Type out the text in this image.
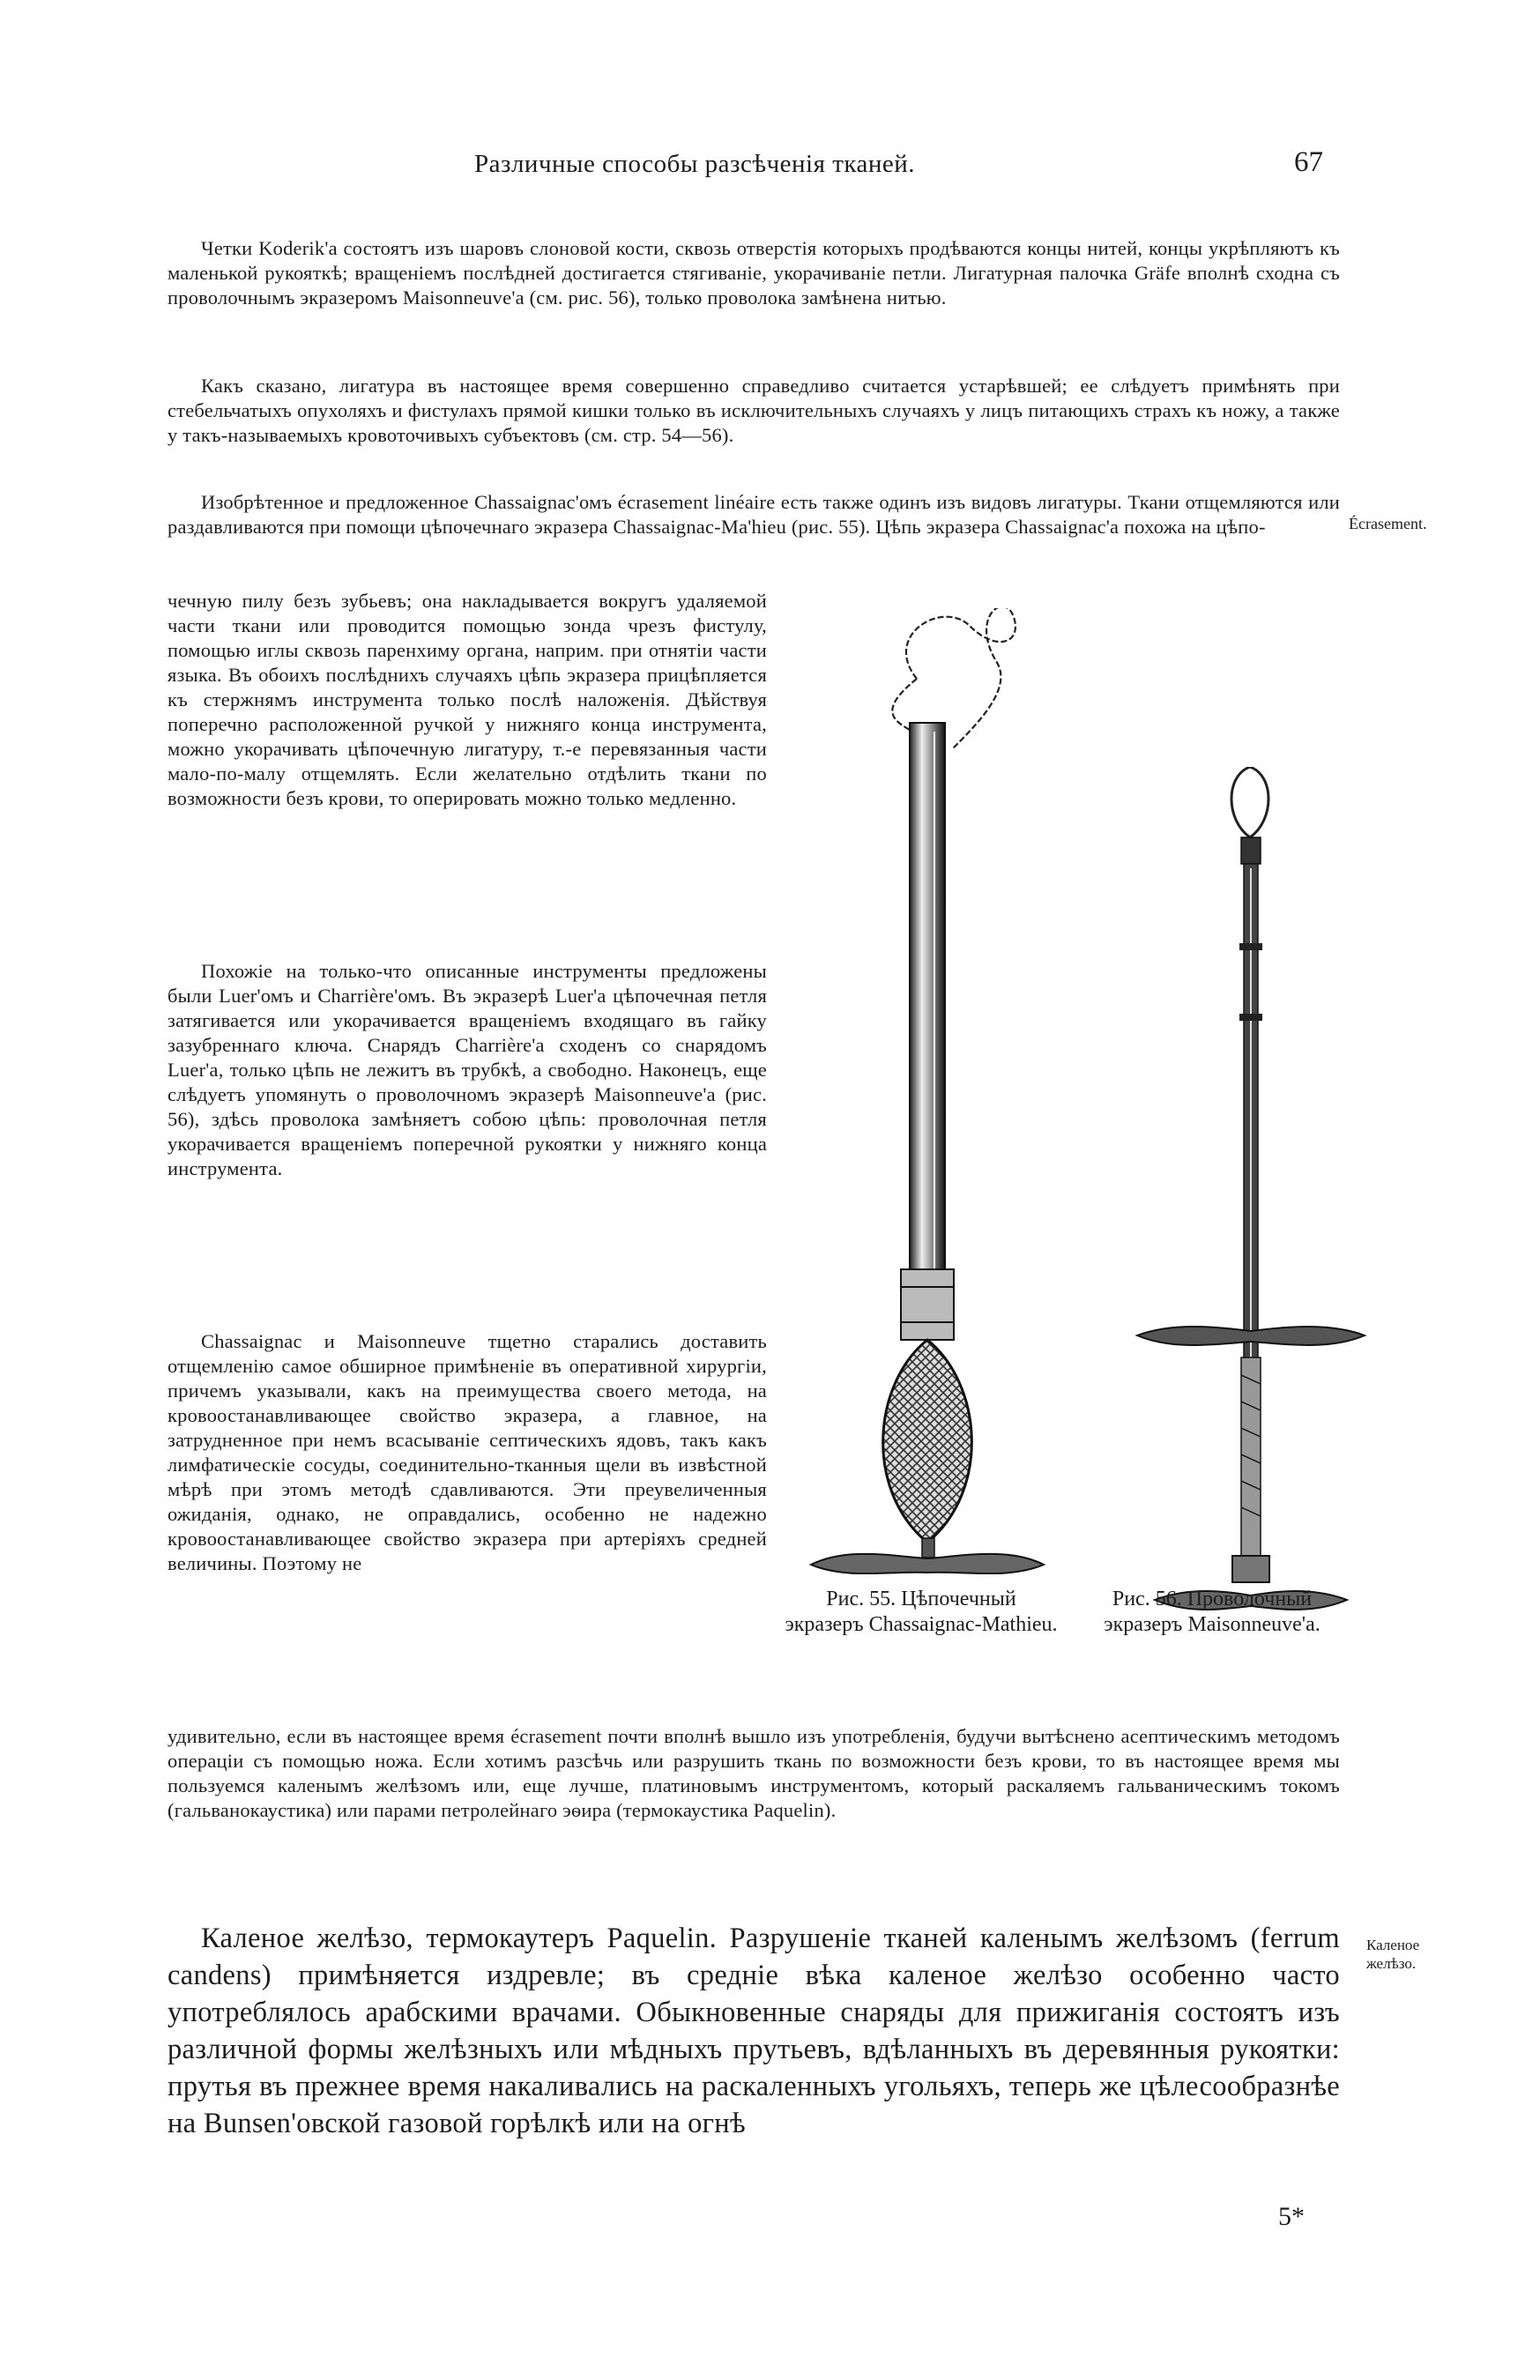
Различные способы разсѣченія тканей.	67

Четки Koderik'а состоятъ изъ шаровъ слоновой кости, сквозь отверстія которыхъ продѣваются концы нитей, концы укрѣпляютъ къ маленькой рукояткѣ; вращеніемъ послѣдней достигается стягиваніе, укорачиваніе петли. Лигатурная палочка Gräfe вполнѣ сходна съ проволочнымъ экразеромъ Maisonneuve'а (см. рис. 56), только проволока замѣнена нитью.

Какъ сказано, лигатура въ настоящее время совершенно справедливо считается устарѣвшей; ее слѣдуетъ примѣнять при стебельчатыхъ опухоляхъ и фистулахъ прямой кишки только въ исключительныхъ случаяхъ у лицъ питающихъ страхъ къ ножу, а также у такъ-называемыхъ кровоточивыхъ субъектовъ (см. стр. 54—56).

Изобрѣтенное и предложенное Chassaignac'омъ écrasement linéaire есть также одинъ изъ видовъ лигатуры. Ткани отщемляются или раздавливаются при помощи цѣпочечнаго экразера Chassaignac-Ma'hieu (рис. 55). Цѣпь экразера Chassaignac'а похожа на цѣпо-	Écrasement.

чечную пилу безъ зубьевъ; она накладывается вокругъ удаляемой части ткани или проводится помощью зонда чрезъ фистулу, помощью иглы сквозь паренхиму органа, наприм. при отнятіи части языка. Въ обоихъ послѣднихъ случаяхъ цѣпь экразера прицѣпляется къ стержнямъ инструмента только послѣ наложенія. Дѣйствуя поперечно расположенной ручкой у нижняго конца инструмента, можно укорачивать цѣпочечную лигатуру, т.-е перевязанныя части мало-по-малу отщемлять. Если желательно отдѣлить ткани по возможности безъ крови, то оперировать можно только медленно.

Похожіе на только-что описанные инструменты предложены были Luer'омъ и Charrière'омъ. Въ экразерѣ Luer'а цѣпочечная петля затягивается или укорачивается вращеніемъ входящаго въ гайку зазубреннаго ключа. Снарядъ Charrière'а сходенъ со снарядомъ Luer'а, только цѣпь не лежитъ въ трубкѣ, а свободно. Наконецъ, еще слѣдуетъ упомянуть о проволочномъ экразерѣ Maisonneuve'а (рис. 56), здѣсь проволока замѣняетъ собою цѣпь: проволочная петля укорачивается вращеніемъ поперечной рукоятки у нижняго конца инструмента.

Chassaignac и Maisonneuve тщетно старались доставить отщемленію самое обширное примѣненіе въ оперативной хирургіи, причемъ указывали, какъ на преимущества своего метода, на кровоостанавливающее свойство экразера, а главное, на затрудненное при немъ всасываніе септическихъ ядовъ, такъ какъ лимфатическіе сосуды, соединительно-тканныя щели въ извѣстной мѣрѣ при этомъ методѣ сдавливаются. Эти преувеличенныя ожиданія, однако, не оправдались, особенно не надежно кровоостанавливающее свойство экразера при артеріяхъ средней величины. Поэтому не

Рис. 55. Цѣпочечный экразеръ Chassaignac-Mathieu.
Рис. 56. Проволочный экразеръ Maisonneuve'а.

удивительно, если въ настоящее время écrasement почти вполнѣ вышло изъ употребленія, будучи вытѣснено асептическимъ методомъ операціи съ помощью ножа. Если хотимъ разсѣчь или разрушить ткань по возможности безъ крови, то въ настоящее время мы пользуемся каленымъ желѣзомъ или, еще лучше, платиновымъ инструментомъ, который раскаляемъ гальваническимъ токомъ (гальванокаустика) или парами петролейнаго эѳира (термокаустика Paquelin).

Каленое желѣзо, термокаутеръ Paquelin. Разрушеніе тканей каленымъ желѣзомъ (ferrum candens) примѣняется издревле; въ средніе вѣка каленое желѣзо особенно часто употреблялось арабскими врачами. Обыкновенные снаряды для прижиганія состоятъ изъ различной формы желѣзныхъ или мѣдныхъ прутьевъ, вдѣланныхъ въ деревянныя рукоятки: прутья въ прежнее время накаливались на раскаленныхъ угольяхъ, теперь же цѣлесообразнѣе на Bunsen'овской газовой горѣлкѣ или на огнѣ

Каленое желѣзо.
5*
